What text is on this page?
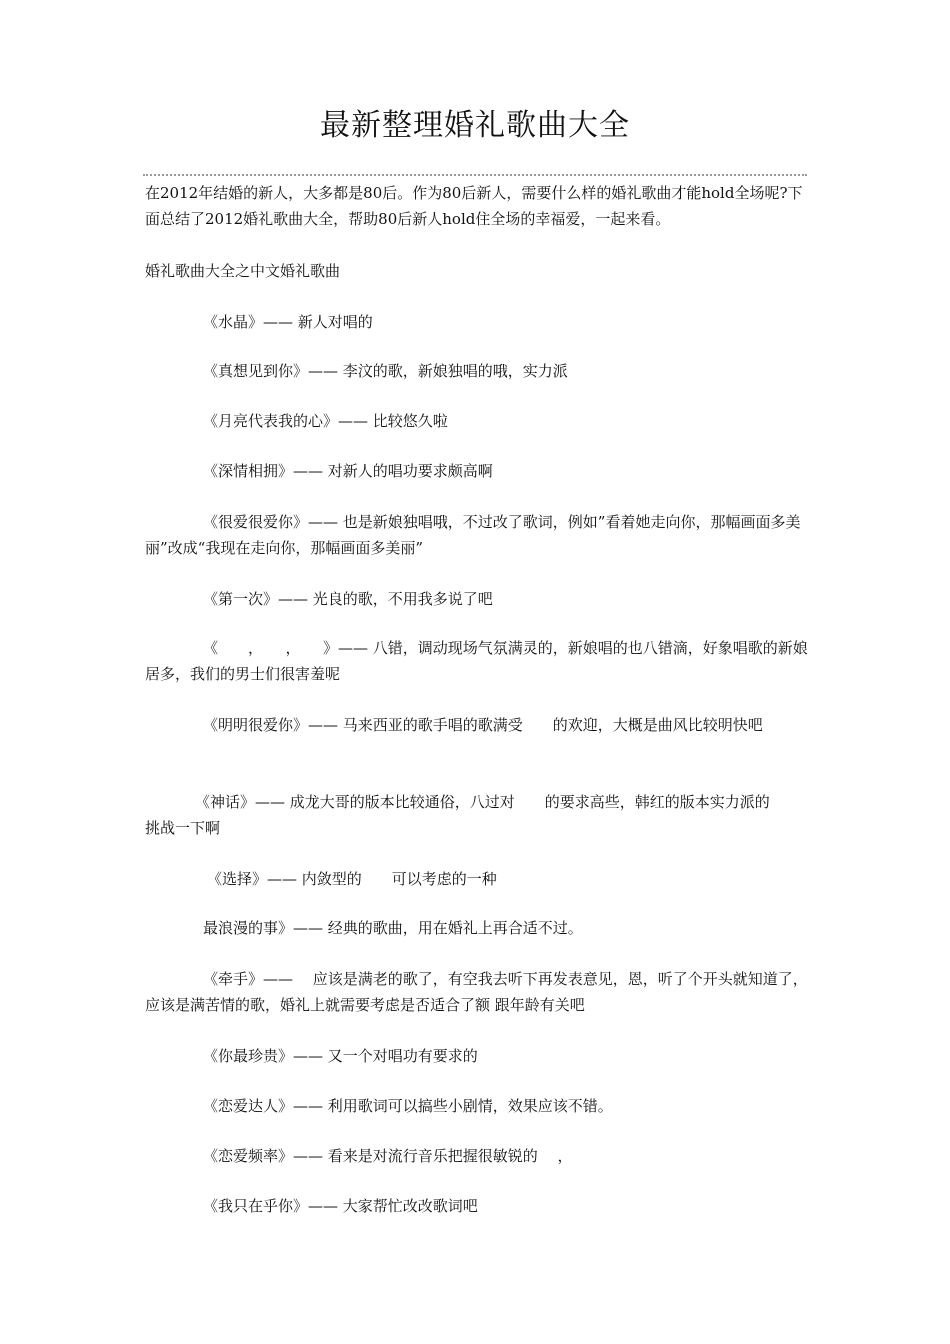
最新整理婚礼歌曲大全

在2012年结婚的新人，大多都是80后。作为80后新人，需要什么样的婚礼歌曲才能hold全场呢?下面总结了2012婚礼歌曲大全，帮助80后新人hold住全场的幸福爱，一起来看。

婚礼歌曲大全之中文婚礼歌曲

《水晶》—— 新人对唱的

《真想见到你》—— 李汶的歌，新娘独唱的哦，实力派

《月亮代表我的心》—— 比较悠久啦

《深情相拥》—— 对新人的唱功要求颇高啊

《很爱很爱你》—— 也是新娘独唱哦，不过改了歌词，例如”看着她走向你，那幅画面多美丽”改成“我现在走向你，那幅画面多美丽”

《第一次》—— 光良的歌，不用我多说了吧

《　　，　　，　　》—— 八错，调动现场气氛满灵的，新娘唱的也八错滴，好象唱歌的新娘居多，我们的男士们很害羞呢

《明明很爱你》—— 马来西亚的歌手唱的歌满受　　的欢迎，大概是曲风比较明快吧

《神话》—— 成龙大哥的版本比较通俗，八过对　　的要求高些，韩红的版本实力派的　　挑战一下啊

《选择》—— 内敛型的　　可以考虑的一种

最浪漫的事》—— 经典的歌曲，用在婚礼上再合适不过。

《牵手》——　 应该是满老的歌了，有空我去听下再发表意见，恩，听了个开头就知道了，应该是满苦情的歌，婚礼上就需要考虑是否适合了额 跟年龄有关吧

《你最珍贵》—— 又一个对唱功有要求的

《恋爱达人》—— 利用歌词可以搞些小剧情，效果应该不错。

《恋爱频率》—— 看来是对流行音乐把握很敏锐的　 ，

《我只在乎你》—— 大家帮忙改改歌词吧
